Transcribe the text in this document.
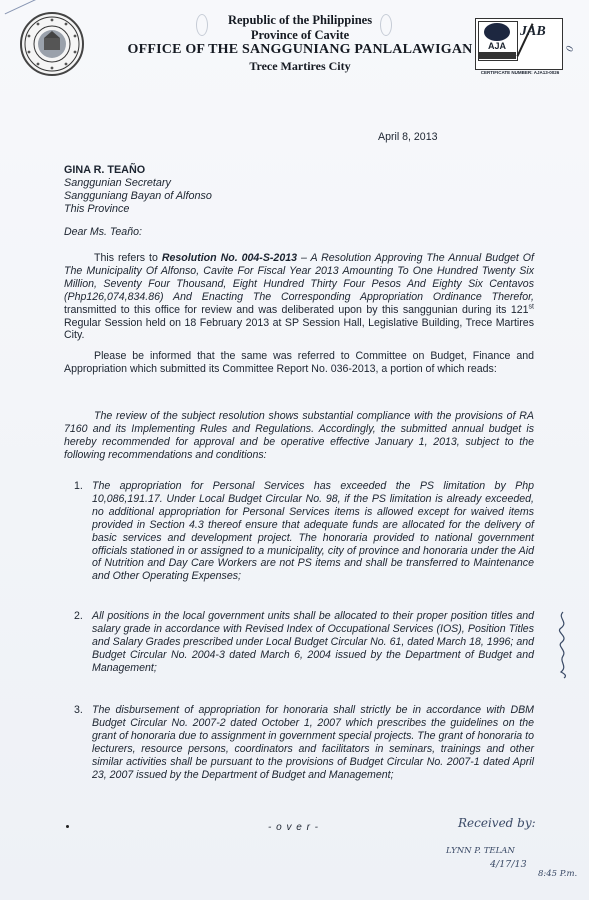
Republic of the Philippines
Province of Cavite
OFFICE OF THE SANGGUNIANG PANLALAWIGAN
Trece Martires City
AJA
JAB
CERTIFICATE NUMBER: AJA13-0026
0
April 8, 2013
GINA R. TEAÑO
Sanggunian Secretary
Sangguniang Bayan of Alfonso
This Province
Dear Ms. Teaño:
This refers to Resolution No. 004-S-2013 – A Resolution Approving The Annual Budget Of The Municipality Of Alfonso, Cavite For Fiscal Year 2013 Amounting To One Hundred Twenty Six Million, Seventy Four Thousand, Eight Hundred Thirty Four Pesos And Eighty Six Centavos (Php126,074,834.86) And Enacting The Corresponding Appropriation Ordinance Therefor, transmitted to this office for review and was deliberated upon by this sanggunian during its 121st Regular Session held on 18 February 2013 at SP Session Hall, Legislative Building, Trece Martires City.
Please be informed that the same was referred to Committee on Budget, Finance and Appropriation which submitted its Committee Report No. 036-2013, a portion of which reads:
The review of the subject resolution shows substantial compliance with the provisions of RA 7160 and its Implementing Rules and Regulations. Accordingly, the submitted annual budget is hereby recommended for approval and be operative effective January 1, 2013, subject to the following recommendations and conditions:
1. The appropriation for Personal Services has exceeded the PS limitation by Php 10,086,191.17. Under Local Budget Circular No. 98, if the PS limitation is already exceeded, no additional appropriation for Personal Services items is allowed except for waived items provided in Section 4.3 thereof ensure that adequate funds are allocated for the delivery of basic services and development project. The honoraria provided to national government officials stationed in or assigned to a municipality, city of province and honoraria under the Aid of Nutrition and Day Care Workers are not PS items and shall be transferred to Maintenance and Other Operating Expenses;
2. All positions in the local government units shall be allocated to their proper position titles and salary grade in accordance with Revised Index of Occupational Services (IOS), Position Titles and Salary Grades prescribed under Local Budget Circular No. 61, dated March 18, 1996; and Budget Circular No. 2004-3 dated March 6, 2004 issued by the Department of Budget and Management;
3. The disbursement of appropriation for honoraria shall strictly be in accordance with DBM Budget Circular No. 2007-2 dated October 1, 2007 which prescribes the guidelines on the grant of honoraria due to assignment in government special projects. The grant of honoraria to lecturers, resource persons, coordinators and facilitators in seminars, trainings and other similar activities shall be pursuant to the provisions of Budget Circular No. 2007-1 dated April 23, 2007 issued by the Department of Budget and Management;
- o v e r -	Received by:
LYNN P. TELAN
4/17/13
8:45 P.m.
